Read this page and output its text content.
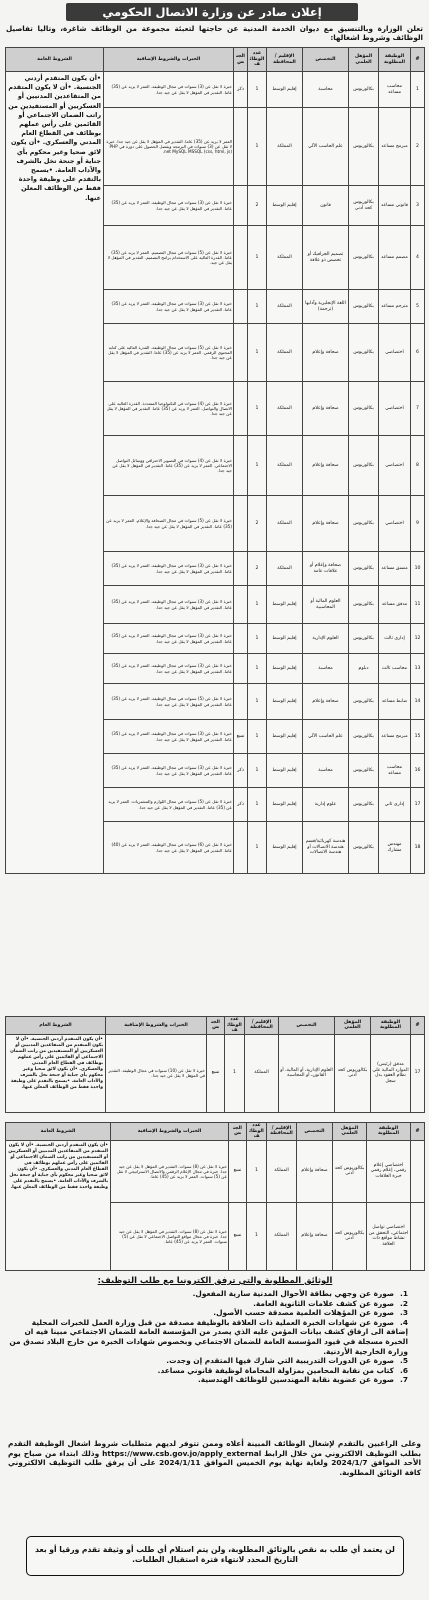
إعلان صادر عن وزارة الاتصال الحكومي
تعلن الوزارة وبالتنسيق مع ديوان الخدمة المدنية عن حاجتها لتعبئة مجموعة من الوظائف شاغرة، وتاليا تفاصيل الوظائف وشروط اشغالها:
#	الوظيفة المطلوبة	المؤهل العلمي	التخصص	الإقليم / المحافظة	عدد الوظائف	الجنس	الخبرات والشروط الإضافية	الشروط العامة
1	محاسب مساعد	بكالوريوس	محاسبة	إقليم الوسط	1	ذكر	خبرة لا تقل عن (3) سنوات في مجال الوظيفة. العمر لا يزيد عن (35) عاما. التقدير في المؤهل لا يقل عن جيد جدا.	•أن يكون المتقدم أردني الجنسية. •أن لا يكون المتقدم من المتقاعدين المدنيين أو العسكريين أو المستفيدين من راتب الضمان الاجتماعي أو القائمين على رأس عملهم بوظائف في القطاع العام المدني والعسكري. •أن يكون لائق صحيا وغير محكوم بأي جناية أو جنحة تخل بالشرف والآداب العامة. •يسمح بالتقدم على وظيفة واحدة فقط من الوظائف المعلن عنها.
2	مبرمج مساعد	بكالوريوس	علم الحاسب الآلي	المملكة	1		العمر لا يزيد عن (35) عاما. التقدير في المؤهل لا يقل عن جيد جدا. خبرة لا تقل عن (3) سنوات في البرمجة ويفضل الحصول على دورة في PHP .net MySQL MSSQL (css, html, js)	
3	قانوني مساعد	بكالوريوس كحد أدنى	قانون	إقليم الوسط	2		خبرة لا تقل عن (3) سنوات في مجال الوظيفة. العمر لا يزيد عن (35) عاما. التقدير في المؤهل لا يقل عن جيد جدا.	
4	مصمم مساعد	بكالوريوس	تصميم الجرافيك أو تخصص ذو علاقة	المملكة	1		خبرة لا تقل عن (5) سنوات في مجال التصميم. العمر لا يزيد عن (35) عاما. القدرة العالية على الاستخدام برامج التصميم. التقدير في المؤهل لا يقل عن جيد.	
5	مترجم مساعد	بكالوريوس	اللغة الإنجليزية وآدابها (ترجمة)	المملكة	1		خبرة لا تقل عن (3) سنوات في مجال الوظيفة. العمر لا يزيد عن (35) عاما. التقدير في المؤهل لا يقل عن جيد جدا.	
6	اختصاصي	بكالوريوس	صحافة وإعلام	المملكة	1		خبرة لا تقل عن (5) سنوات في مجال الوظيفة. القدرة العالية على كتابة المحتوى الرقمي. العمر لا يزيد عن (35) عاما. التقدير في المؤهل لا يقل عن جيد جدا.	
7	اختصاصي	بكالوريوس	صحافة وإعلام	المملكة	1		خبرة لا تقل عن (4) سنوات في التكنولوجيا المتعددة. القدرة العالية على الاتصال والتواصل. العمر لا يزيد عن (35) عاما. التقدير في المؤهل لا يقل عن جيد جدا.	
8	اختصاصي	بكالوريوس	صحافة وإعلام	المملكة	1		خبرة لا تقل عن (4) سنوات في التصوير الاحترافي ووسائل التواصل الاجتماعي. العمر لا يزيد عن (35) عاما. التقدير في المؤهل لا يقل عن جيد جدا.	
9	اختصاصي	بكالوريوس	صحافة وإعلام	المملكة	2		خبرة لا تقل عن (5) سنوات في مجال الصحافة والإعلام. العمر لا يزيد عن (35) عاما. التقدير في المؤهل لا يقل عن جيد جدا.	
10	منسق مساعد	بكالوريوس	صحافة وإعلام أو علاقات عامة	المملكة	2		خبرة لا تقل عن (3) سنوات في مجال الوظيفة. العمر لا يزيد عن (35) عاما. التقدير في المؤهل لا يقل عن جيد جدا.	
11	مدقق مساعد	بكالوريوس	العلوم المالية أو المحاسبية	إقليم الوسط	1		خبرة لا تقل عن (3) سنوات في مجال الوظيفة. العمر لا يزيد عن (35) عاما. التقدير في المؤهل لا يقل عن جيد جدا.	
12	إداري ثالث	بكالوريوس	العلوم الإدارية	إقليم الوسط	1		خبرة لا تقل عن (3) سنوات في مجال الوظيفة. العمر لا يزيد عن (35) عاما. التقدير في المؤهل لا يقل عن جيد جدا.	
13	محاسب ثالث	دبلوم	محاسبة	إقليم الوسط	1		خبرة لا تقل عن (3) سنوات في مجال الوظيفة. العمر لا يزيد عن (35) عاما. التقدير في المؤهل لا يقل عن جيد جدا.	
14	ضابط مساعد	بكالوريوس	صحافة وإعلام	إقليم الوسط	1		خبرة لا تقل عن (5) سنوات في مجال الوظيفة. العمر لا يزيد عن (35) عاما. التقدير في المؤهل لا يقل عن جيد جدا.	
15	مبرمج مساعد	بكالوريوس	علم الحاسب الآلي	إقليم الوسط	1	نسع	خبرة لا تقل عن (3) سنوات في مجال الوظيفة. العمر لا يزيد عن (35) عاما. التقدير في المؤهل لا يقل عن جيد جدا.	
16	محاسب مساعد	بكالوريوس	محاسبة	إقليم الوسط	1	ذكر	خبرة لا تقل عن (3) سنوات في مجال الوظيفة. العمر لا يزيد عن (35) عاما. التقدير في المؤهل لا يقل عن جيد جدا.	
17	إداري ثاني	بكالوريوس	علوم إدارية	إقليم الوسط	1	ذكر	خبرة لا تقل عن (5) سنوات في مجال اللوازم والمشتريات. العمر لا يزيد عن (35) عاما. التقدير في المؤهل لا يقل عن جيد جدا.	
18	مهندس مشارك	بكالوريوس	هندسة كهربائية/قسم هندسة الاتصالات أو هندسة الاتصالات	إقليم الوسط	1		خبرة لا تقل عن (6) سنوات في مجال الوظيفة. العمر لا يزيد عن (40) عاما. التقدير في المؤهل لا يقل عن جيد جدا.	
#	الوظيفة المطلوبة	المؤهل العلمي	التخصص	الإقليم / المحافظة	عدد الوظائف	الجنس	الخبرات والشروط الإضافية	الشروط العام
17	مدقق (رئيس) الموارد المالية على نظام العقود بدل سجل	بكالوريوس كحد أدنى	العلوم الإدارية، أو المالية، أو القانون، أو المحاسبة	المملكة	1	نسع	خبرة لا تقل عن (10) سنوات في مجال الوظيفة. التقدير في المؤهل لا يقل عن جيد جدا.	•أن يكون المتقدم أردني الجنسية. •أن لا يكون المتقدم من المتقاعدين المدنيين أو العسكريين أو المستفيدين من راتب الضمان الاجتماعي أو القائمين على رأس عملهم بوظائف في القطاع العام المدني والعسكري. •أن يكون لائق صحيا وغير محكوم بأي جناية أو جنحة تخل بالشرف والآداب العامة. •يسمح بالتقدم على وظيفة واحدة فقط من الوظائف المعلن عنها.
#	الوظيفة المطلوبة	المؤهل العلمي	التخصص	الإقليم / المحافظة	عدد الوظائف	الجنس	الخبرات والشروط الإضافية	الشروط العامة
	اختصاصي إعلام رقمي، إعلام رقمي خبرة العلاقات	بكالوريوس كحد أدنى	صحافة وإعلام	المملكة	1	نسع	خبرة لا تقل عن (8) سنوات. التقدير في المؤهل لا يقل عن جيد جدا. خبرة في مجال الإعلام الرقمي والاتصال الاستراتيجي لا تقل عن (5) سنوات. العمر لا يزيد عن (45) عاما.	•أن يكون المتقدم أردني الجنسية. •أن لا يكون المتقدم من المتقاعدين المدنيين أو العسكريين أو المستفيدين من راتب الضمان الاجتماعي أو القائمين على رأس عملهم بوظائف في القطاع العام المدني والعسكري. •أن يكون لائق صحيا وغير محكوم بأي جناية أو جنحة تخل بالشرف والآداب العامة. •يسمح بالتقدم على وظيفة واحدة فقط من الوظائف المعلن عنها.
	اختصاصي تواصل اجتماعي، التحقق من نشاط مواقع ذات العلاقة	بكالوريوس كحد أدنى	صحافة وإعلام	المملكة	1	نسع	خبرة لا تقل عن (8) سنوات. التقدير في المؤهل لا يقل عن جيد جدا. خبرة في مجال مواقع التواصل الاجتماعي لا تقل عن (5) سنوات. العمر لا يزيد عن (45) عاما.	
الوثائق المطلوبة والتي ترفق الكترونيا مع طلب التوظيف:
1.صورة عن وجهي بطاقة الأحوال المدنية سارية المفعول.
2.صورة عن كشف علامات الثانوية العامة.
3.صورة عن المؤهلات العلمية مصدقة حسب الأصول.
4.صورة عن شهادات الخبرة العملية ذات العلاقة بالوظيفة مصدقة من قبل وزارة العمل للخبرات المحلية إضافة الى ارفاق كشف بيانات المؤمن عليه الذي يصدر من المؤسسة العامة للضمان الاجتماعي مبينا فيه ان الخبرة مسجلة في قيود المؤسسة العامة للضمان الاجتماعي وبخصوص شهادات الخبرة من خارج البلاد تصدق من وزارة الخارجية الأردنية.
5.صورة عن الدورات التدريبية التي شارك فيها المتقدم إن وجدت.
6.كتاب من نقابة المحامين بمزاولة المحاماة لوظيفة قانوني مساعد.
7.صورة عن عضوية نقابة المهندسين للوظائف الهندسية.
وعلى الراغبين بالتقدم لإشغال الوظائف المبينة أعلاه وممن تتوفر لديهم متطلبات شروط اشغال الوظيفة التقدم بطلب التوظيف الالكتروني من خلال الرابط https://www.csb.gov.jo/apply_external وذلك ابتداء من صباح يوم الأحد الموافق 2024/1/7 ولغاية نهاية يوم الخميس الموافق 2024/1/11 على أن يرفق طلب التوظيف الالكتروني كافة الوثائق المطلوبة.
لن يعتمد أي طلب به نقص بالوثائق المطلوبة، ولن يتم استلام أي طلب أو وثيقة تقدم ورقيا أو بعد التاريخ المحدد لانتهاء فترة استقبال الطلبات.
